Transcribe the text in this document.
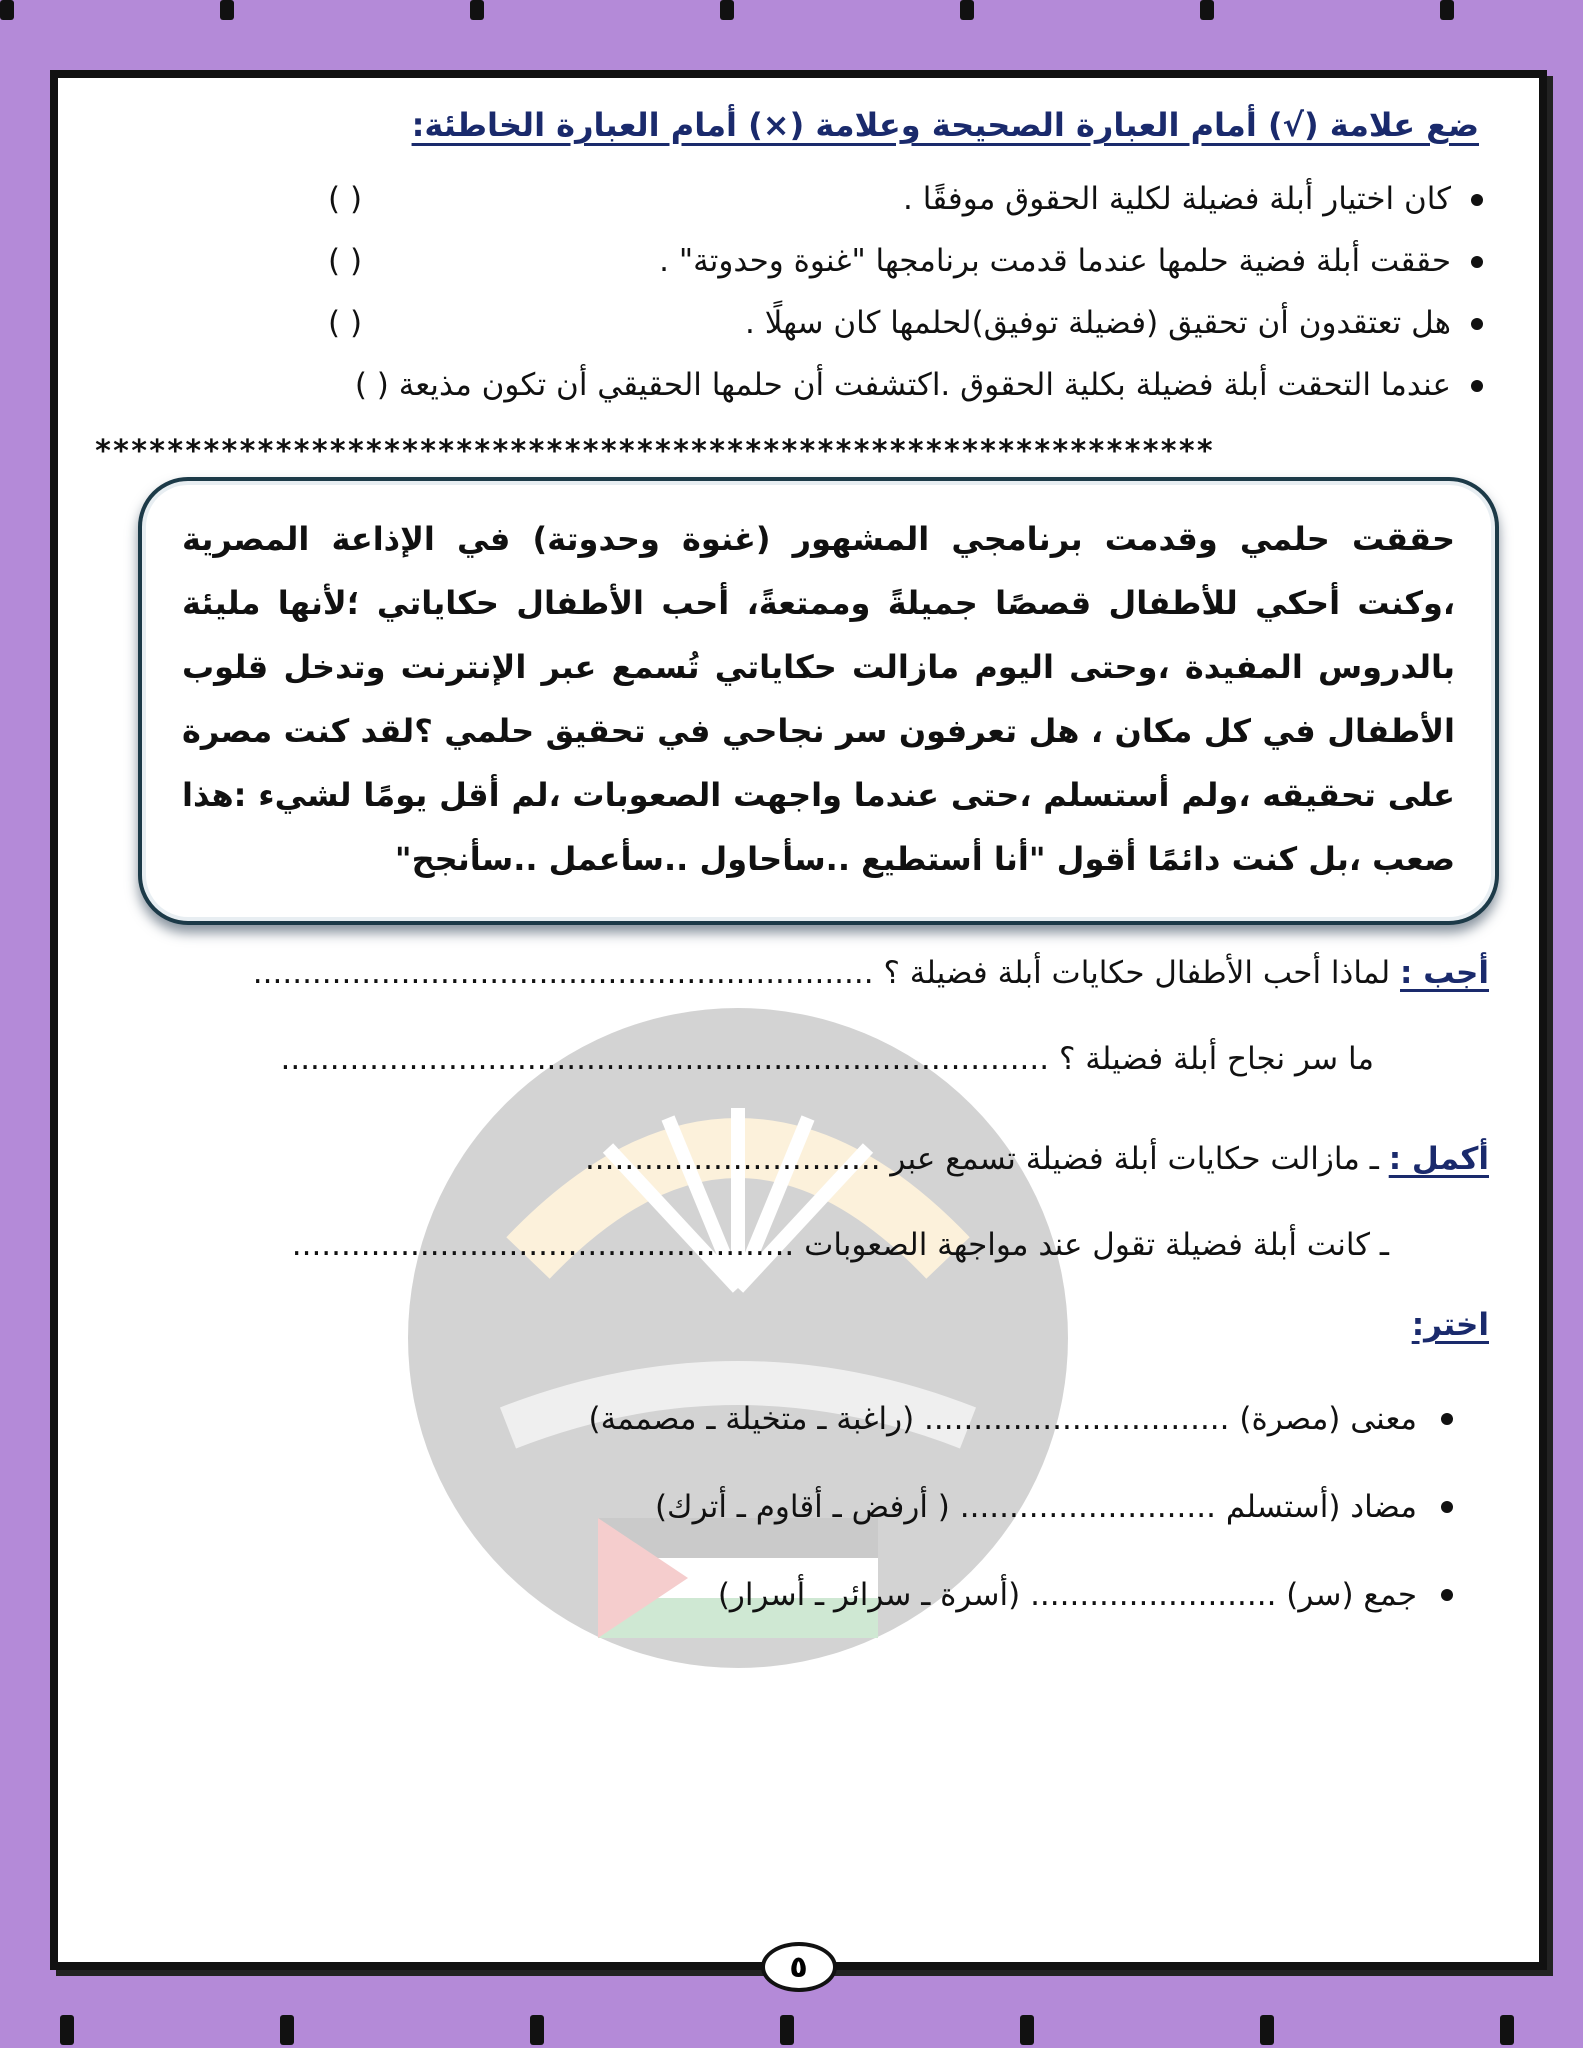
ضع علامة (√) أمام العبارة الصحيحة وعلامة (×) أمام العبارة الخاطئة:
كان اختيار أبلة فضيلة لكلية الحقوق موفقًا .
( )
حققت أبلة فضية حلمها عندما قدمت برنامجها "غنوة وحدوتة" .
( )
هل تعتقدون أن تحقيق (فضيلة توفيق)لحلمها كان سهلًا .
( )
عندما التحقت أبلة فضيلة بكلية الحقوق .اكتشفت أن حلمها الحقيقي أن تكون مذيعة ( )
**************************************************************

حققت حلمي وقدمت برنامجي المشهور (غنوة وحدوتة) في الإذاعة المصرية ،وكنت أحكي للأطفال قصصًا جميلةً وممتعةً، أحب الأطفال حكاياتي ؛لأنها مليئة بالدروس المفيدة ،وحتى اليوم مازالت حكاياتي تُسمع عبر الإنترنت وتدخل قلوب الأطفال في كل مكان ، هل تعرفون سر نجاحي في تحقيق حلمي ؟لقد كنت مصرة على تحقيقه ،ولم أستسلم ،حتى عندما واجهت الصعوبات ،لم أقل يومًا لشيء :هذا صعب ،بل كنت دائمًا أقول "أنا أستطيع ..سأحاول ..سأعمل ..سأنجح"

أجب : لماذا أحب الأطفال حكايات أبلة فضيلة ؟ ...............................................................
ما سر نجاح أبلة فضيلة ؟ ..............................................................................
أكمل : ـ مازالت حكايات أبلة فضيلة تسمع عبر ..............................
ـ كانت أبلة فضيلة تقول عند مواجهة الصعوبات ...................................................
اختر:
معنى (مصرة) ............................... (راغبة ـ متخيلة ـ مصممة)
مضاد (أستسلم .......................... ( أرفض ـ أقاوم ـ أترك)
جمع (سر) ......................... (أسرة ـ سرائر ـ أسرار)
٥
